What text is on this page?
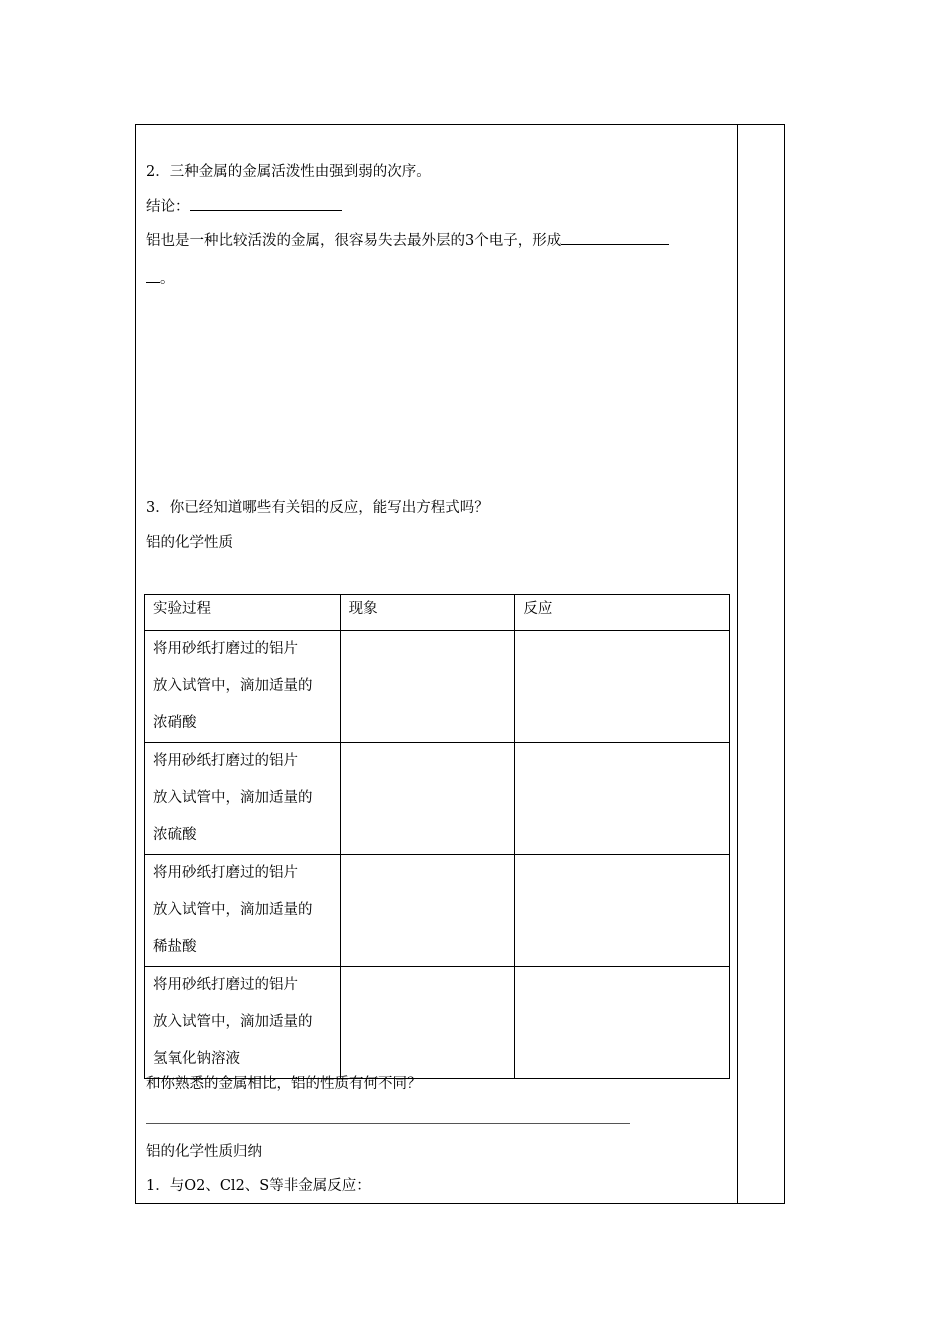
2．三种金属的金属活泼性由强到弱的次序。
结论：
铝也是一种比较活泼的金属，很容易失去最外层的3个电子，形成
。
3．你已经知道哪些有关铝的反应，能写出方程式吗？
铝的化学性质
实验过程	现象	反应

将用砂纸打磨过的铝片
放入试管中，滴加适量的
浓硝酸		

将用砂纸打磨过的铝片
放入试管中，滴加适量的
浓硫酸		

将用砂纸打磨过的铝片
放入试管中，滴加适量的
稀盐酸		

将用砂纸打磨过的铝片
放入试管中，滴加适量的
氢氧化钠溶液		

和你熟悉的金属相比，铝的性质有何不同？
铝的化学性质归纳
1．与O2、Cl2、S等非金属反应：
